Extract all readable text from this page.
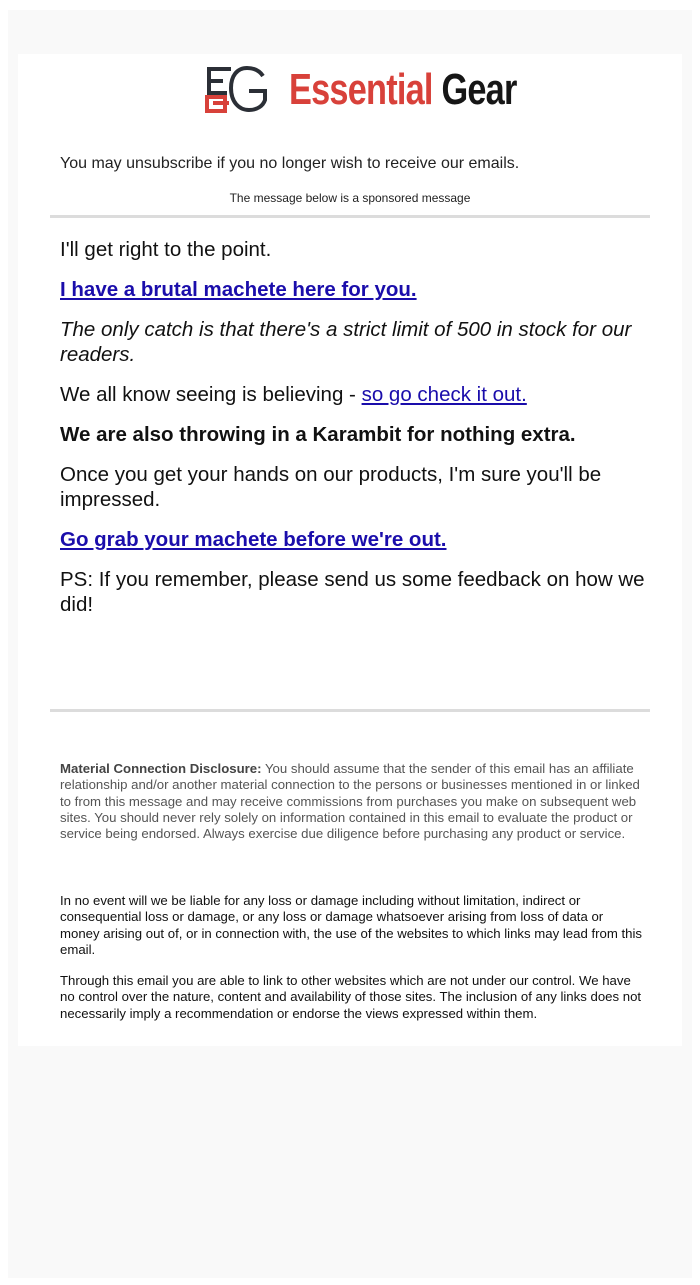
Essential Gear
You may unsubscribe if you no longer wish to receive our emails.
The message below is a sponsored message

I'll get right to the point.

I have a brutal machete here for you.

The only catch is that there's a strict limit of 500 in stock for our readers.

We all know seeing is believing - so go check it out.

We are also throwing in a Karambit for nothing extra.

Once you get your hands on our products, I'm sure you'll be impressed.

Go grab your machete before we're out.

PS: If you remember, please send us some feedback on how we did!

Material Connection Disclosure: You should assume that the sender of this email has an affiliate relationship and/or another material connection to the persons or businesses mentioned in or linked to from this message and may receive commissions from purchases you make on subsequent web sites. You should never rely solely on information contained in this email to evaluate the product or service being endorsed. Always exercise due diligence before purchasing any product or service.
In no event will we be liable for any loss or damage including without limitation, indirect or consequential loss or damage, or any loss or damage whatsoever arising from loss of data or money arising out of, or in connection with, the use of the websites to which links may lead from this email.
Through this email you are able to link to other websites which are not under our control. We have no control over the nature, content and availability of those sites. The inclusion of any links does not necessarily imply a recommendation or endorse the views expressed within them.
